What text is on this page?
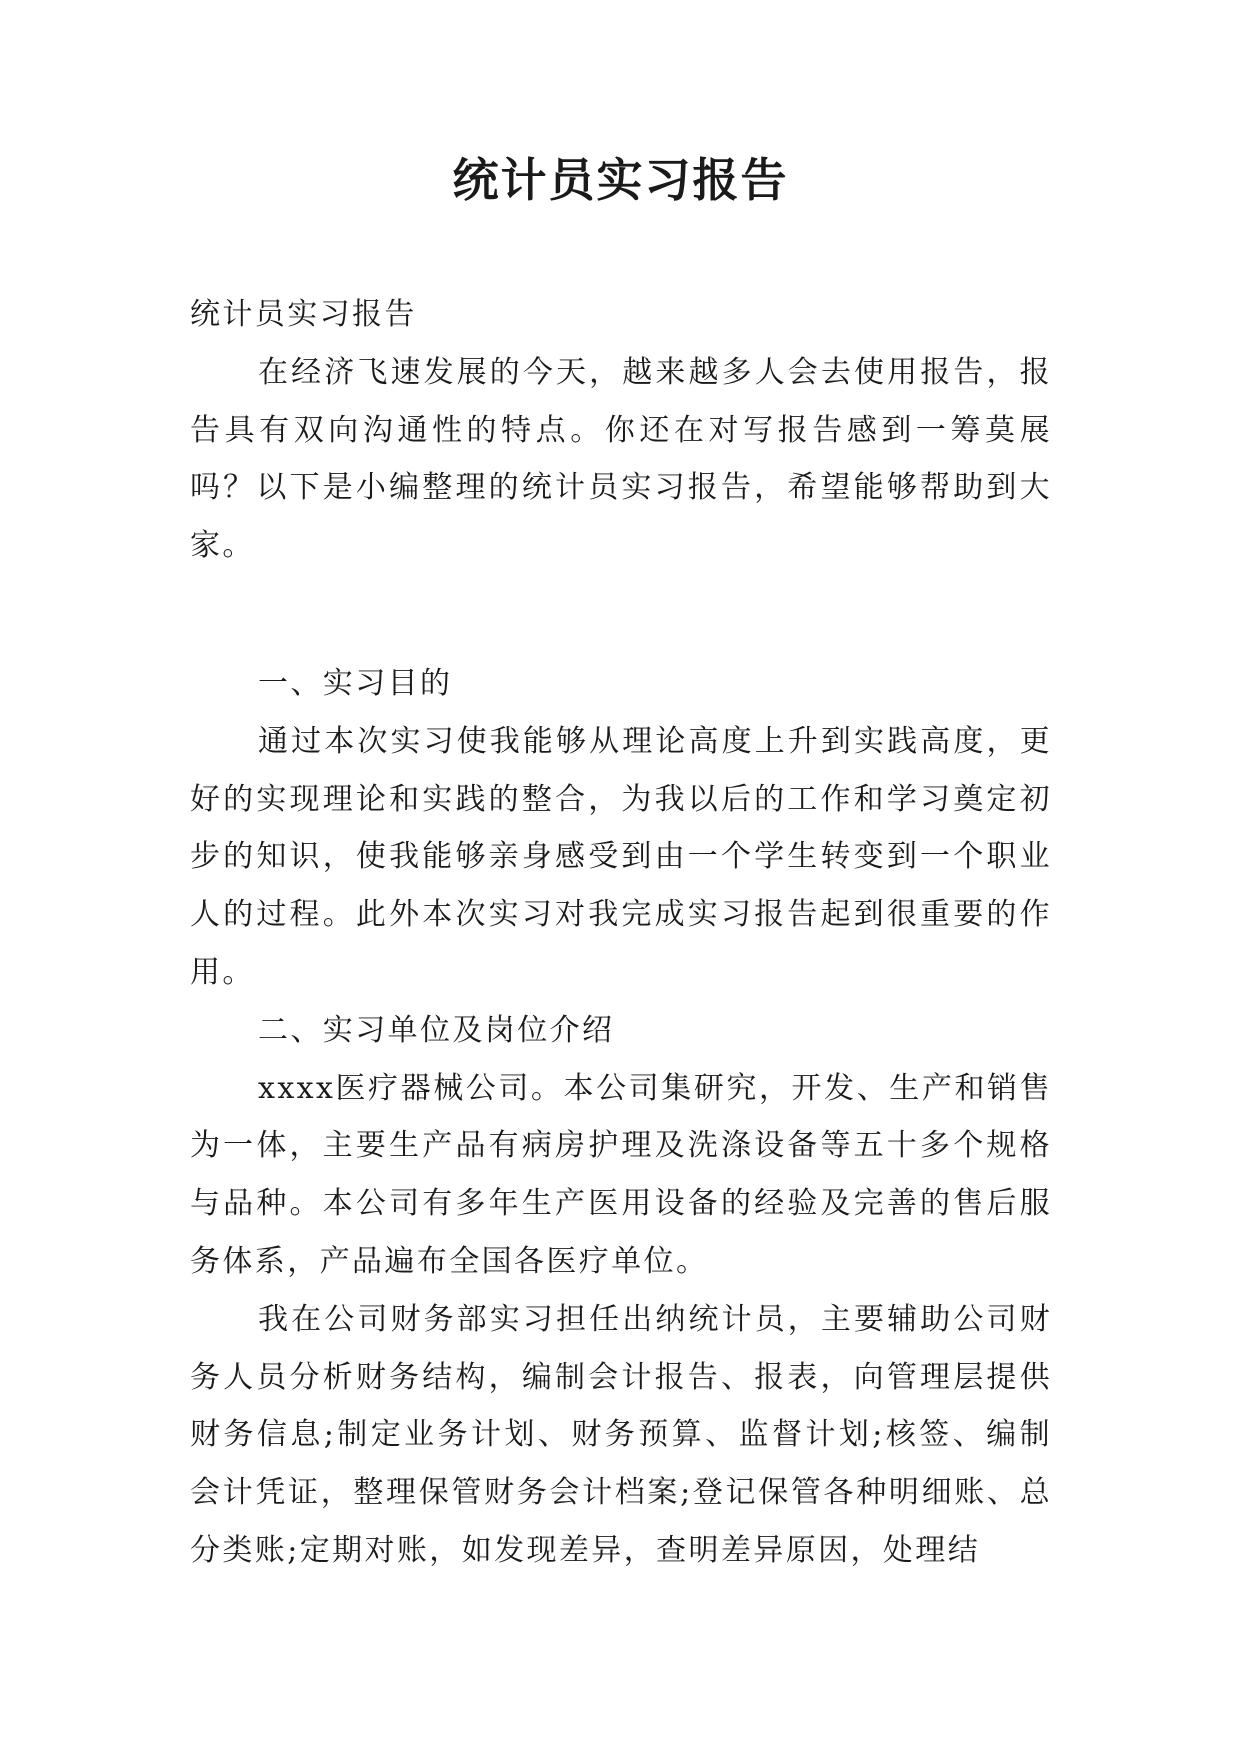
统计员实习报告

统计员实习报告

在经济飞速发展的今天，越来越多人会去使用报告，报告具有双向沟通性的特点。你还在对写报告感到一筹莫展吗？以下是小编整理的统计员实习报告，希望能够帮助到大家。

一、实习目的

通过本次实习使我能够从理论高度上升到实践高度，更好的实现理论和实践的整合，为我以后的工作和学习奠定初步的知识，使我能够亲身感受到由一个学生转变到一个职业人的过程。此外本次实习对我完成实习报告起到很重要的作用。

二、实习单位及岗位介绍

xxxx医疗器械公司。本公司集研究，开发、生产和销售为一体，主要生产品有病房护理及洗涤设备等五十多个规格与品种。本公司有多年生产医用设备的经验及完善的售后服务体系，产品遍布全国各医疗单位。

我在公司财务部实习担任出纳统计员，主要辅助公司财务人员分析财务结构，编制会计报告、报表，向管理层提供财务信息;制定业务计划、财务预算、监督计划;核签、编制会计凭证，整理保管财务会计档案;登记保管各种明细账、总分类账;定期对账，如发现差异，查明差异原因，处理结
